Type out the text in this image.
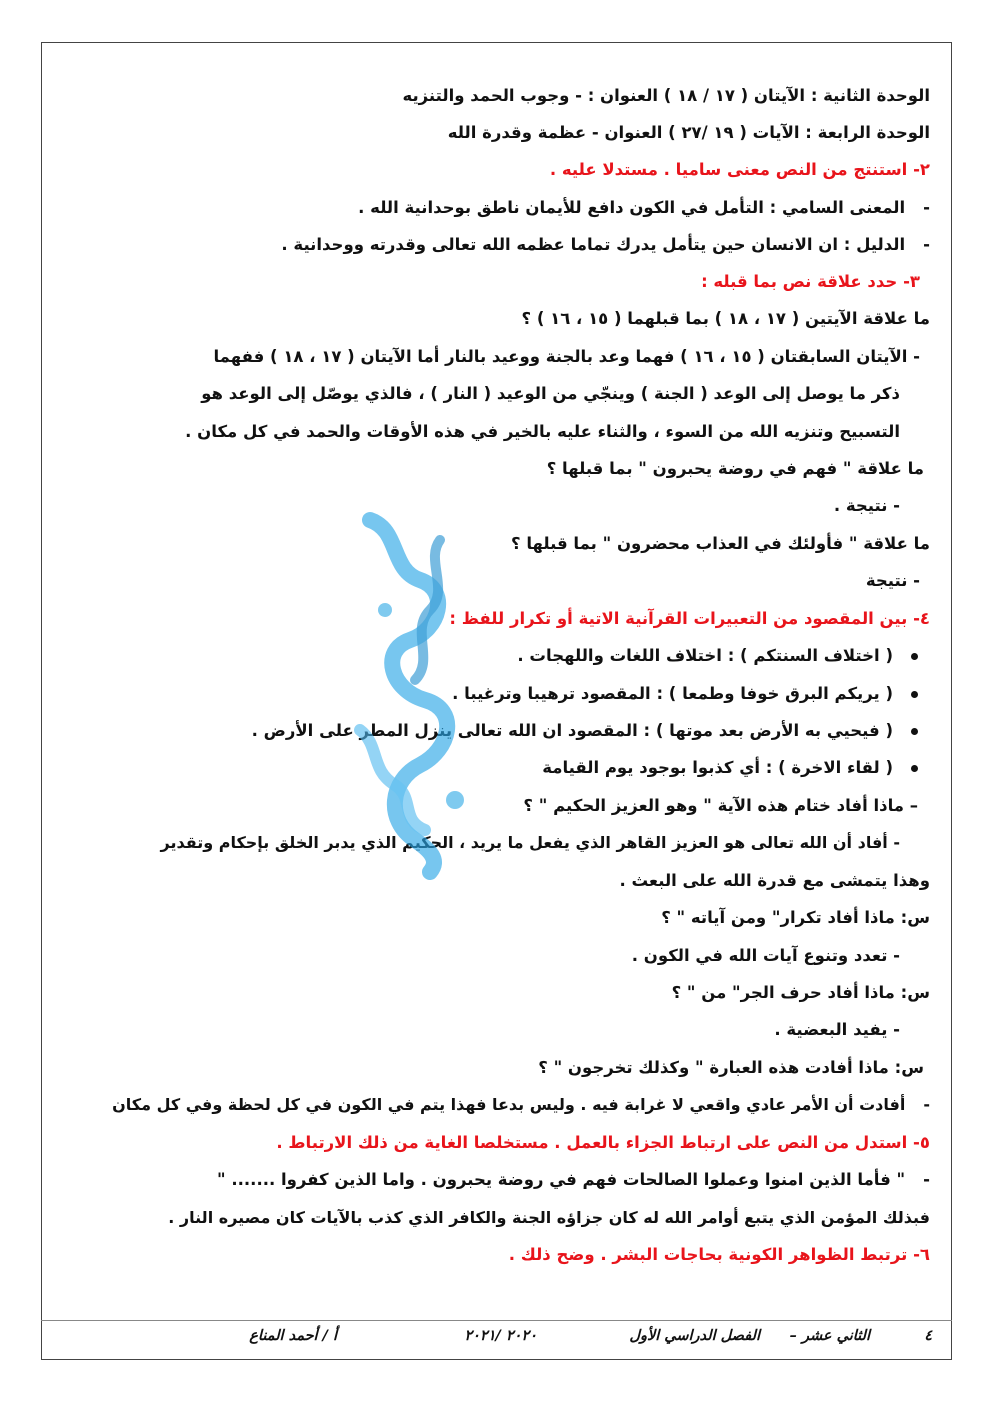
الوحدة الثانية : الآيتان ( ١٧ / ١٨ ) العنوان : - وجوب الحمد والتنزيه
الوحدة الرابعة : الآيات ( ١٩ /٢٧ ) العنوان - عظمة وقدرة الله
٢- استنتج من النص معنى ساميا . مستدلا عليه .
-المعنى السامي : التأمل في الكون دافع للأيمان ناطق بوحدانية الله .
-الدليل : ان الانسان حين يتأمل يدرك تماما عظمه الله تعالى وقدرته ووحدانية .
٣- حدد علاقة نص بما قبله :
ما علاقة الآيتين ( ١٧ ، ١٨ ) بما قبلهما ( ١٥ ، ١٦ ) ؟
- الآيتان السابقتان ( ١٥ ، ١٦ ) فهما وعد بالجنة ووعيد بالنار أما الآيتان ( ١٧ ، ١٨ ) ففهما
ذكر ما يوصل إلى الوعد ( الجنة ) وينجّي من الوعيد ( النار ) ، فالذي يوصّل إلى الوعد هو
التسبيح وتنزيه الله من السوء ، والثناء عليه بالخير في هذه الأوقات والحمد في كل مكان .
ما علاقة " فهم في روضة يحبرون " بما قبلها ؟
- نتيجة .
ما علاقة " فأولئك في العذاب محضرون " بما قبلها ؟
- نتيجة
٤- بين المقصود من التعبيرات القرآنية الاتية أو تكرار للفظ :
( اختلاف السنتكم ) : اختلاف اللغات واللهجات .
( يريكم البرق خوفا وطمعا ) : المقصود ترهيبا وترغيبا .
( فيحيي به الأرض بعد موتها ) : المقصود ان الله تعالى ينزل المطر على الأرض .
( لقاء الاخرة ) : أي كذبوا بوجود يوم القيامة
– ماذا أفاد ختام هذه الآية " وهو العزيز الحكيم " ؟
- أفاد أن الله تعالى هو العزيز القاهر الذي يفعل ما يريد ، الحكيم الذي يدبر الخلق بإحكام وتقدير
وهذا يتمشى مع قدرة الله على البعث .
س: ماذا أفاد تكرار" ومن آياته " ؟
- تعدد وتنوع آيات الله في الكون .
س: ماذا أفاد حرف الجر" من " ؟
- يفيد البعضية .
س: ماذا أفادت هذه العبارة " وكذلك تخرجون " ؟
-أفادت أن الأمر عادي واقعي لا غرابة فيه . وليس بدعا فهذا يتم في الكون في كل لحظة وفي كل مكان
٥- استدل من النص على ارتباط الجزاء بالعمل . مستخلصا الغاية من ذلك الارتباط .
-" فأما الذين امنوا وعملوا الصالحات فهم في روضة يحبرون . واما الذين كفروا ....... "
فبذلك المؤمن الذي يتبع أوامر الله له كان جزاؤه الجنة والكافر الذي كذب بالآيات كان مصيره النار .
٦- ترتبط الظواهر الكونية بحاجات البشر . وضح ذلك .
٤
الثاني عشر –
الفصل الدراسي الأول
٢٠٢٠ /٢٠٢١
أ / أحمد المناع
